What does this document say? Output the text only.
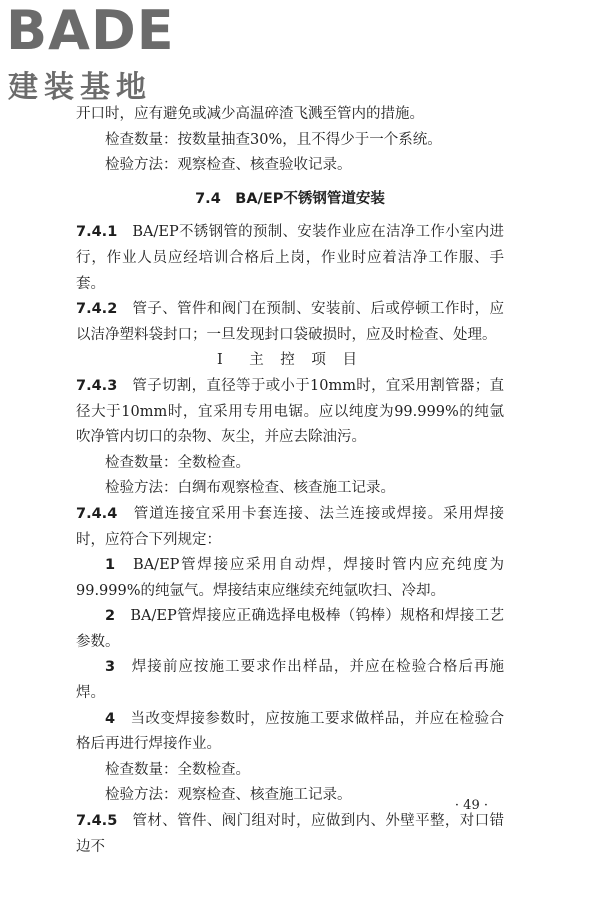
BADE
建装基地

开口时，应有避免或减少高温碎渣飞溅至管内的措施。

检查数量：按数量抽查30%，且不得少于一个系统。

检验方法：观察检查、核查验收记录。

7.4　BA/EP不锈钢管道安装

7.4.1　BA/EP不锈钢管的预制、安装作业应在洁净工作小室内进行，作业人员应经培训合格后上岗，作业时应着洁净工作服、手套。

7.4.2　管子、管件和阀门在预制、安装前、后或停顿工作时，应以洁净塑料袋封口；一旦发现封口袋破损时，应及时检查、处理。

Ⅰ　主 控 项 目

7.4.3　管子切割，直径等于或小于10mm时，宜采用割管器；直径大于10mm时，宜采用专用电锯。应以纯度为99.999%的纯氩吹净管内切口的杂物、灰尘，并应去除油污。

检查数量：全数检查。

检验方法：白绸布观察检查、核查施工记录。

7.4.4　管道连接宜采用卡套连接、法兰连接或焊接。采用焊接时，应符合下列规定：

1　BA/EP管焊接应采用自动焊，焊接时管内应充纯度为99.999%的纯氩气。焊接结束应继续充纯氩吹扫、冷却。

2　BA/EP管焊接应正确选择电极棒（钨棒）规格和焊接工艺参数。

3　焊接前应按施工要求作出样品，并应在检验合格后再施焊。

4　当改变焊接参数时，应按施工要求做样品，并应在检验合格后再进行焊接作业。

检查数量：全数检查。

检验方法：观察检查、核查施工记录。

7.4.5　管材、管件、阀门组对时，应做到内、外壁平整，对口错边不

· 49 ·
